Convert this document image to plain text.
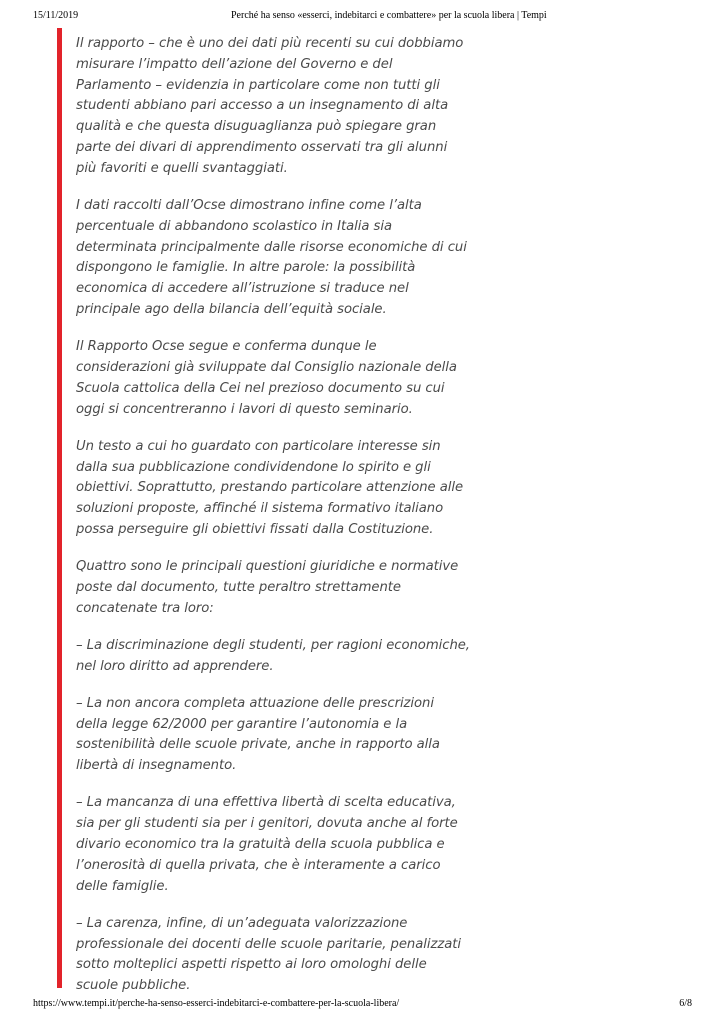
15/11/2019	Perché ha senso «esserci, indebitarci e combattere» per la scuola libera | Tempi

Il rapporto – che è uno dei dati più recenti su cui dobbiamo
misurare l’impatto dell’azione del Governo e del
Parlamento – evidenzia in particolare come non tutti gli
studenti abbiano pari accesso a un insegnamento di alta
qualità e che questa disuguaglianza può spiegare gran
parte dei divari di apprendimento osservati tra gli alunni
più favoriti e quelli svantaggiati.

I dati raccolti dall’Ocse dimostrano infine come l’alta
percentuale di abbandono scolastico in Italia sia
determinata principalmente dalle risorse economiche di cui
dispongono le famiglie. In altre parole: la possibilità
economica di accedere all’istruzione si traduce nel
principale ago della bilancia dell’equità sociale.

Il Rapporto Ocse segue e conferma dunque le
considerazioni già sviluppate dal Consiglio nazionale della
Scuola cattolica della Cei nel prezioso documento su cui
oggi si concentreranno i lavori di questo seminario.

Un testo a cui ho guardato con particolare interesse sin
dalla sua pubblicazione condividendone lo spirito e gli
obiettivi. Soprattutto, prestando particolare attenzione alle
soluzioni proposte, affinché il sistema formativo italiano
possa perseguire gli obiettivi fissati dalla Costituzione.

Quattro sono le principali questioni giuridiche e normative
poste dal documento, tutte peraltro strettamente
concatenate tra loro:

– La discriminazione degli studenti, per ragioni economiche,
nel loro diritto ad apprendere.

– La non ancora completa attuazione delle prescrizioni
della legge 62/2000 per garantire l’autonomia e la
sostenibilità delle scuole private, anche in rapporto alla
libertà di insegnamento.

– La mancanza di una effettiva libertà di scelta educativa,
sia per gli studenti sia per i genitori, dovuta anche al forte
divario economico tra la gratuità della scuola pubblica e
l’onerosità di quella privata, che è interamente a carico
delle famiglie.

– La carenza, infine, di un’adeguata valorizzazione
professionale dei docenti delle scuole paritarie, penalizzati
sotto molteplici aspetti rispetto ai loro omologhi delle
scuole pubbliche.

https://www.tempi.it/perche-ha-senso-esserci-indebitarci-e-combattere-per-la-scuola-libera/	6/8
